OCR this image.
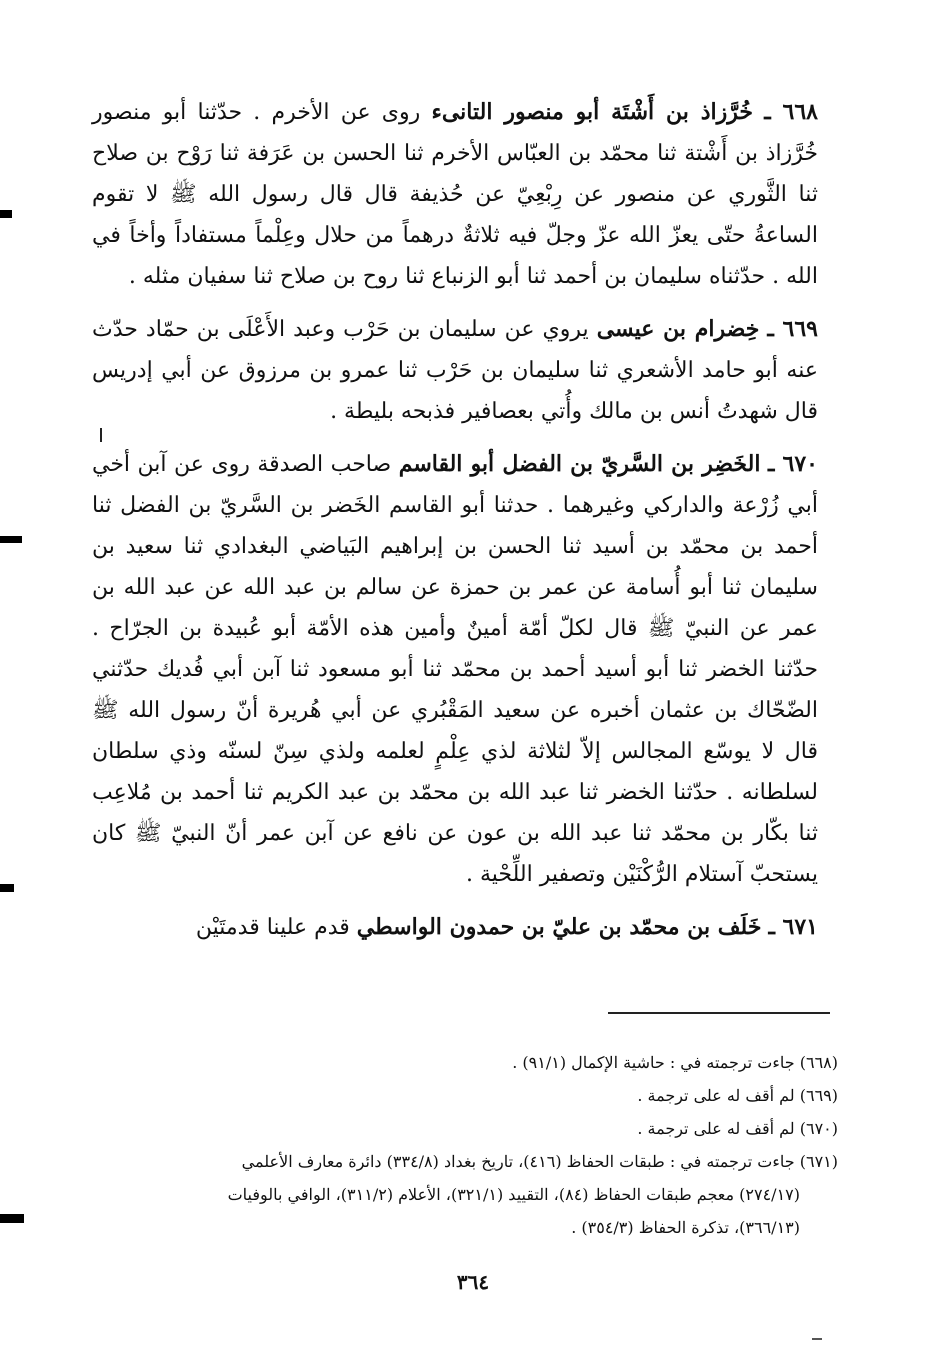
٦٦٨ ـ خُرَّزاذ بن أَشْتَة أبو منصور التانىء روى عن الأخرم . حدّثنا أبو منصور خُرَّزاذ بن أَشْتة ثنا محمّد بن العبّاس الأخرم ثنا الحسن بن عَرَفة ثنا رَوْح بن صلاح ثنا الثَّوري عن منصور عن رِبْعِيّ عن حُذيفة قال قال رسول الله ﷺ لا تقوم الساعةُ حتّى يعزّ الله عزّ وجلّ فيه ثلاثةٌ درهماً من حلال وعِلْماً مستفاداً وأخاً في الله . حدّثناه سليمان بن أحمد ثنا أبو الزنباع ثنا روح بن صلاح ثنا سفيان مثله .

٦٦٩ ـ خِضرام بن عيسى يروي عن سليمان بن حَرْب وعبد الأَعْلَى بن حمّاد حدّث عنه أبو حامد الأشعري ثنا سليمان بن حَرْب ثنا عمرو بن مرزوق عن أبي إدريس قال شهدتُ أنس بن مالك وأُتي بعصافير فذبحه بليطة .

٦٧٠ ـ الخَضِر بن السَّريّ بن الفضل أبو القاسم صاحب الصدقة روى عن آبن أخي أبي زُرْعة والداركي وغيرهما . حدثنا أبو القاسم الخَضر بن السَّريّ بن الفضل ثنا أحمد بن محمّد بن أسيد ثنا الحسن بن إبراهيم البَياضي البغدادي ثنا سعيد بن سليمان ثنا أبو أُسامة عن عمر بن حمزة عن سالم بن عبد الله عن عبد الله بن عمر عن النبيّ ﷺ قال لكلّ أمّة أمينٌ وأمين هذه الأمّة أبو عُبيدة بن الجرّاح . حدّثنا الخضر ثنا أبو أسيد أحمد بن محمّد ثنا أبو مسعود ثنا آبن أبي فُديك حدّثني الضّحّاك بن عثمان أخبره عن سعيد المَقْبُري عن أبي هُريرة أنّ رسول الله ﷺ قال لا يوسّع المجالس إلاّ لثلاثة لذي عِلْمٍ لعلمه ولذي سِنّ لسنّه وذي سلطان لسلطانه . حدّثنا الخضر ثنا عبد الله بن محمّد بن عبد الكريم ثنا أحمد بن مُلاعِب ثنا بكّار بن محمّد ثنا عبد الله بن عون عن نافع عن آبن عمر أنّ النبيّ ﷺ كان يستحبّ آستلام الرُّكْنَيْن وتصفير اللِّحْية .

٦٧١ ـ خَلَف بن محمّد بن عليّ بن حمدون الواسطي قدم علينا قدمتَيْن

(٦٦٨) جاءت ترجمته في : حاشية الإكمال (٩١/١) .

(٦٦٩) لم أقف له على ترجمة .

(٦٧٠) لم أقف له على ترجمة .

(٦٧١) جاءت ترجمته في : طبقات الحفاظ (٤١٦)، تاريخ بغداد (٣٣٤/٨) دائرة معارف الأعلمي
(٢٧٤/١٧) معجم طبقات الحفاظ (٨٤)، التقييد (٣٢١/١)، الأعلام (٣١١/٢)، الوافي بالوفيات
(٣٦٦/١٣)، تذكرة الحفاظ (٣٥٤/٣) .

٣٦٤
